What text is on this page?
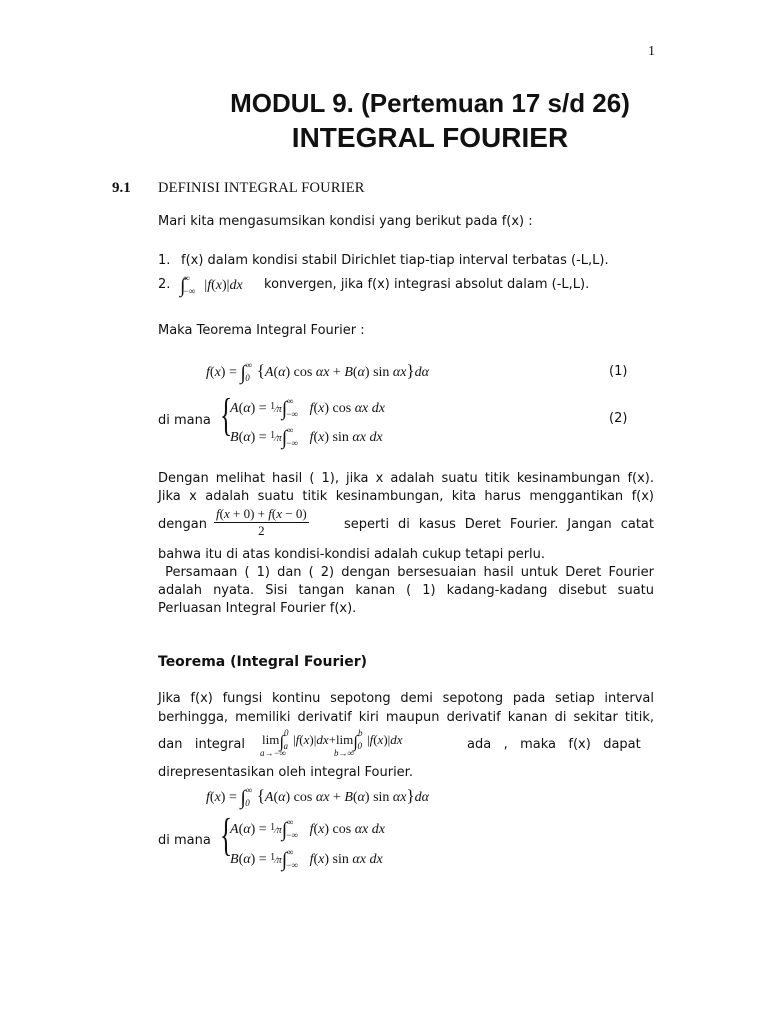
1
MODUL 9. (Pertemuan 17 s/d 26)
INTEGRAL FOURIER
9.1 DEFINISI INTEGRAL FOURIER
Mari kita mengasumsikan kondisi yang berikut pada f(x) :
1. f(x) dalam kondisi stabil Dirichlet tiap-tiap interval terbatas (-L,L).
2. $\int^\infty_{-\infty}$ |f(x)|dx konvergen, jika f(x) integrasi absolut dalam (-L,L).
Maka Teorema Integral Fourier :
$f(x) = \int^\infty_0$ {A(α) cos αx + B(α) sin αx}dα	(1)
di mana {
$A(\alpha) = ^1⁄\pi\int^\infty_{-\infty}$ f(x) cos αx dx
$B(\alpha) = ^1⁄\pi\int^\infty_{-\infty}$ f(x) sin αx dx
(2)
Dengan melihat hasil ( 1), jika x adalah suatu titik kesinambungan f(x).
Jika x adalah suatu titik kesinambungan, kita harus menggantikan f(x)
dengan $\frac{f(x + 0) + f(x - 0)}{2}$	seperti di kasus Deret Fourier. Jangan catat
bahwa itu di atas kondisi-kondisi adalah cukup tetapi perlu.
Persamaan ( 1) dan ( 2) dengan bersesuaian hasil untuk Deret Fourier
adalah nyata. Sisi tangan kanan ( 1) kadang-kadang disebut suatu
Perluasan Integral Fourier f(x).
Teorema (Integral Fourier)
Jika f(x) fungsi kontinu sepotong demi sepotong pada setiap interval
berhingga, memiliki derivatif kiri maupun derivatif kanan di sekitar titik,
dan   integral lim
a→−∞
∫$^0_a$ |f(x)|dx+lim
b→∞
∫$^b_0$ |f(x)|dx	ada   ,   maka   f(x)   dapat
direpresentasikan oleh integral Fourier.
$f(x) = \int^\infty_0$ {A(α) cos αx + B(α) sin αx}dα
di mana {
$A(\alpha) = ^1⁄\pi\int^\infty_{-\infty}$ f(x) cos αx dx
$B(\alpha) = ^1⁄\pi\int^\infty_{-\infty}$ f(x) sin αx dx
